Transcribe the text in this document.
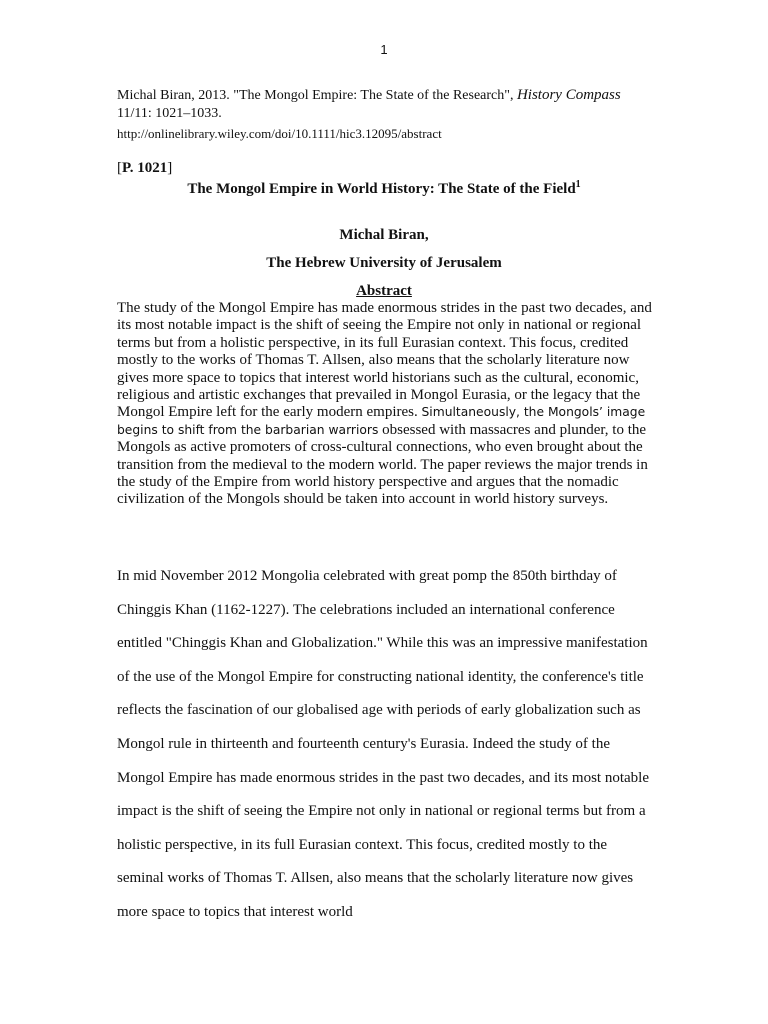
1
Michal Biran, 2013. "The Mongol Empire: The State of the Research", History Compass
11/11: 1021–1033.
http://onlinelibrary.wiley.com/doi/10.1111/hic3.12095/abstract
[P. 1021]
The Mongol Empire in World History: The State of the Field$^1$
Michal Biran,
The Hebrew University of Jerusalem
Abstract
The study of the Mongol Empire has made enormous strides in the past two decades, and its most notable impact is the shift of seeing the Empire not only in national or regional terms but from a holistic perspective, in its full Eurasian context. This focus, credited mostly to the works of Thomas T. Allsen, also means that the scholarly literature now gives more space to topics that interest world historians such as the cultural, economic, religious and artistic exchanges that prevailed in Mongol Eurasia, or the legacy that the Mongol Empire left for the early modern empires. Simultaneously, the Mongols’ image begins to shift from the barbarian warriors obsessed with massacres and plunder, to the Mongols as active promoters of cross-cultural connections, who even brought about the transition from the medieval to the modern world. The paper reviews the major trends in the study of the Empire from world history perspective and argues that the nomadic civilization of the Mongols should be taken into account in world history surveys.
In mid November 2012 Mongolia celebrated with great pomp the 850th birthday of Chinggis Khan (1162-1227). The celebrations included an international conference entitled "Chinggis Khan and Globalization." While this was an impressive manifestation of the use of the Mongol Empire for constructing national identity, the conference's title reflects the fascination of our globalised age with periods of early globalization such as Mongol rule in thirteenth and fourteenth century's Eurasia. Indeed the study of the Mongol Empire has made enormous strides in the past two decades, and its most notable impact is the shift of seeing the Empire not only in national or regional terms but from a holistic perspective, in its full Eurasian context. This focus, credited mostly to the seminal works of Thomas T. Allsen, also means that the scholarly literature now gives more space to topics that interest world
